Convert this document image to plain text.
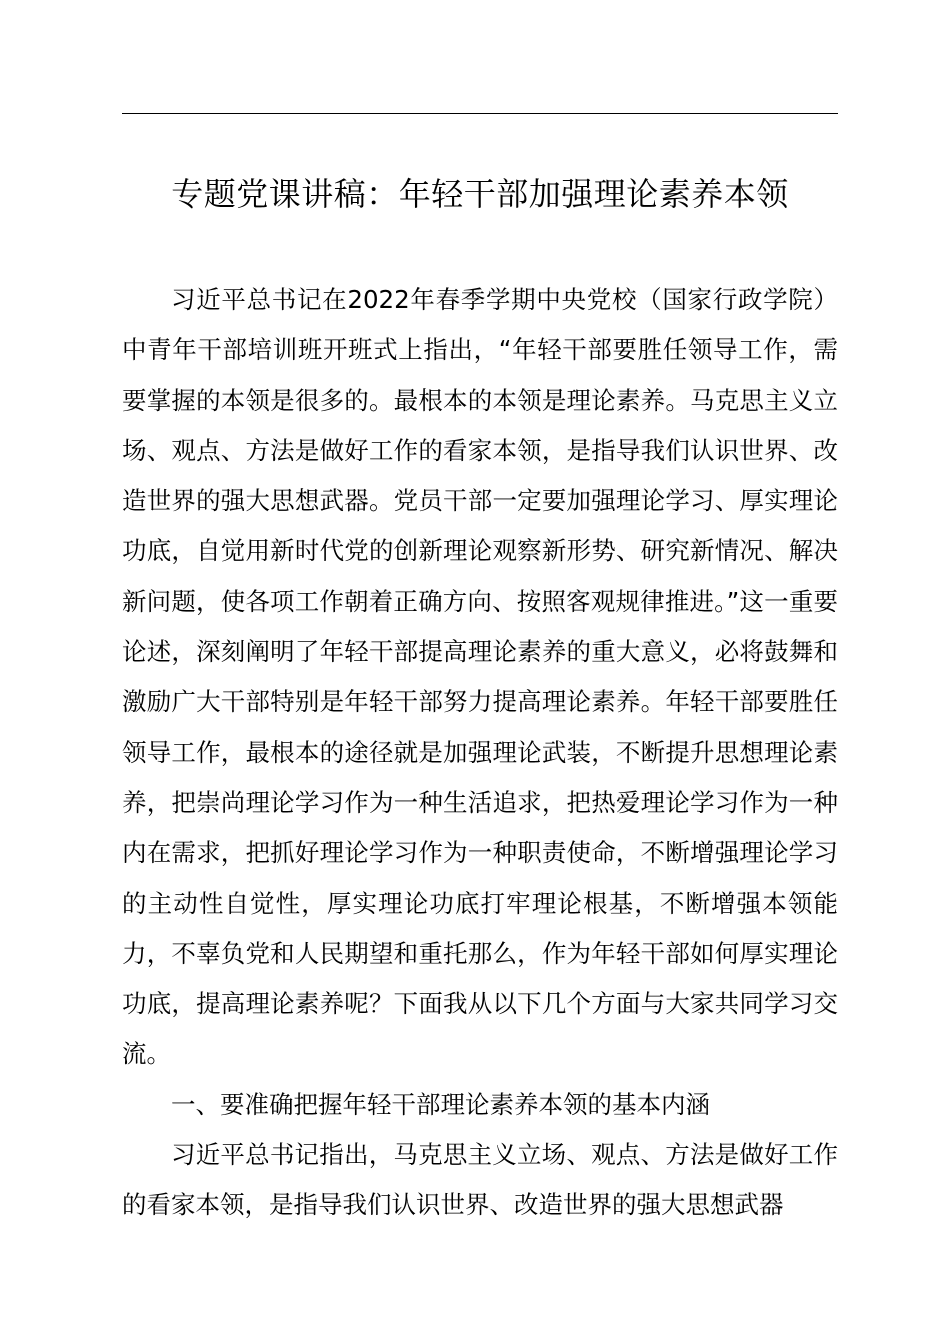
专题党课讲稿：年轻干部加强理论素养本领

习近平总书记在2022年春季学期中央党校（国家行政学院）中青年干部培训班开班式上指出，“年轻干部要胜任领导工作，需要掌握的本领是很多的。最根本的本领是理论素养。马克思主义立场、观点、方法是做好工作的看家本领，是指导我们认识世界、改造世界的强大思想武器。党员干部一定要加强理论学习、厚实理论功底，自觉用新时代党的创新理论观察新形势、研究新情况、解决新问题，使各项工作朝着正确方向、按照客观规律推进。”这一重要论述，深刻阐明了年轻干部提高理论素养的重大意义，必将鼓舞和激励广大干部特别是年轻干部努力提高理论素养。年轻干部要胜任领导工作，最根本的途径就是加强理论武装，不断提升思想理论素养，把崇尚理论学习作为一种生活追求，把热爱理论学习作为一种内在需求，把抓好理论学习作为一种职责使命，不断增强理论学习的主动性自觉性，厚实理论功底打牢理论根基，不断增强本领能力，不辜负党和人民期望和重托那么，作为年轻干部如何厚实理论功底，提高理论素养呢？下面我从以下几个方面与大家共同学习交流。

一、要准确把握年轻干部理论素养本领的基本内涵

习近平总书记指出，马克思主义立场、观点、方法是做好工作的看家本领，是指导我们认识世界、改造世界的强大思想武器
